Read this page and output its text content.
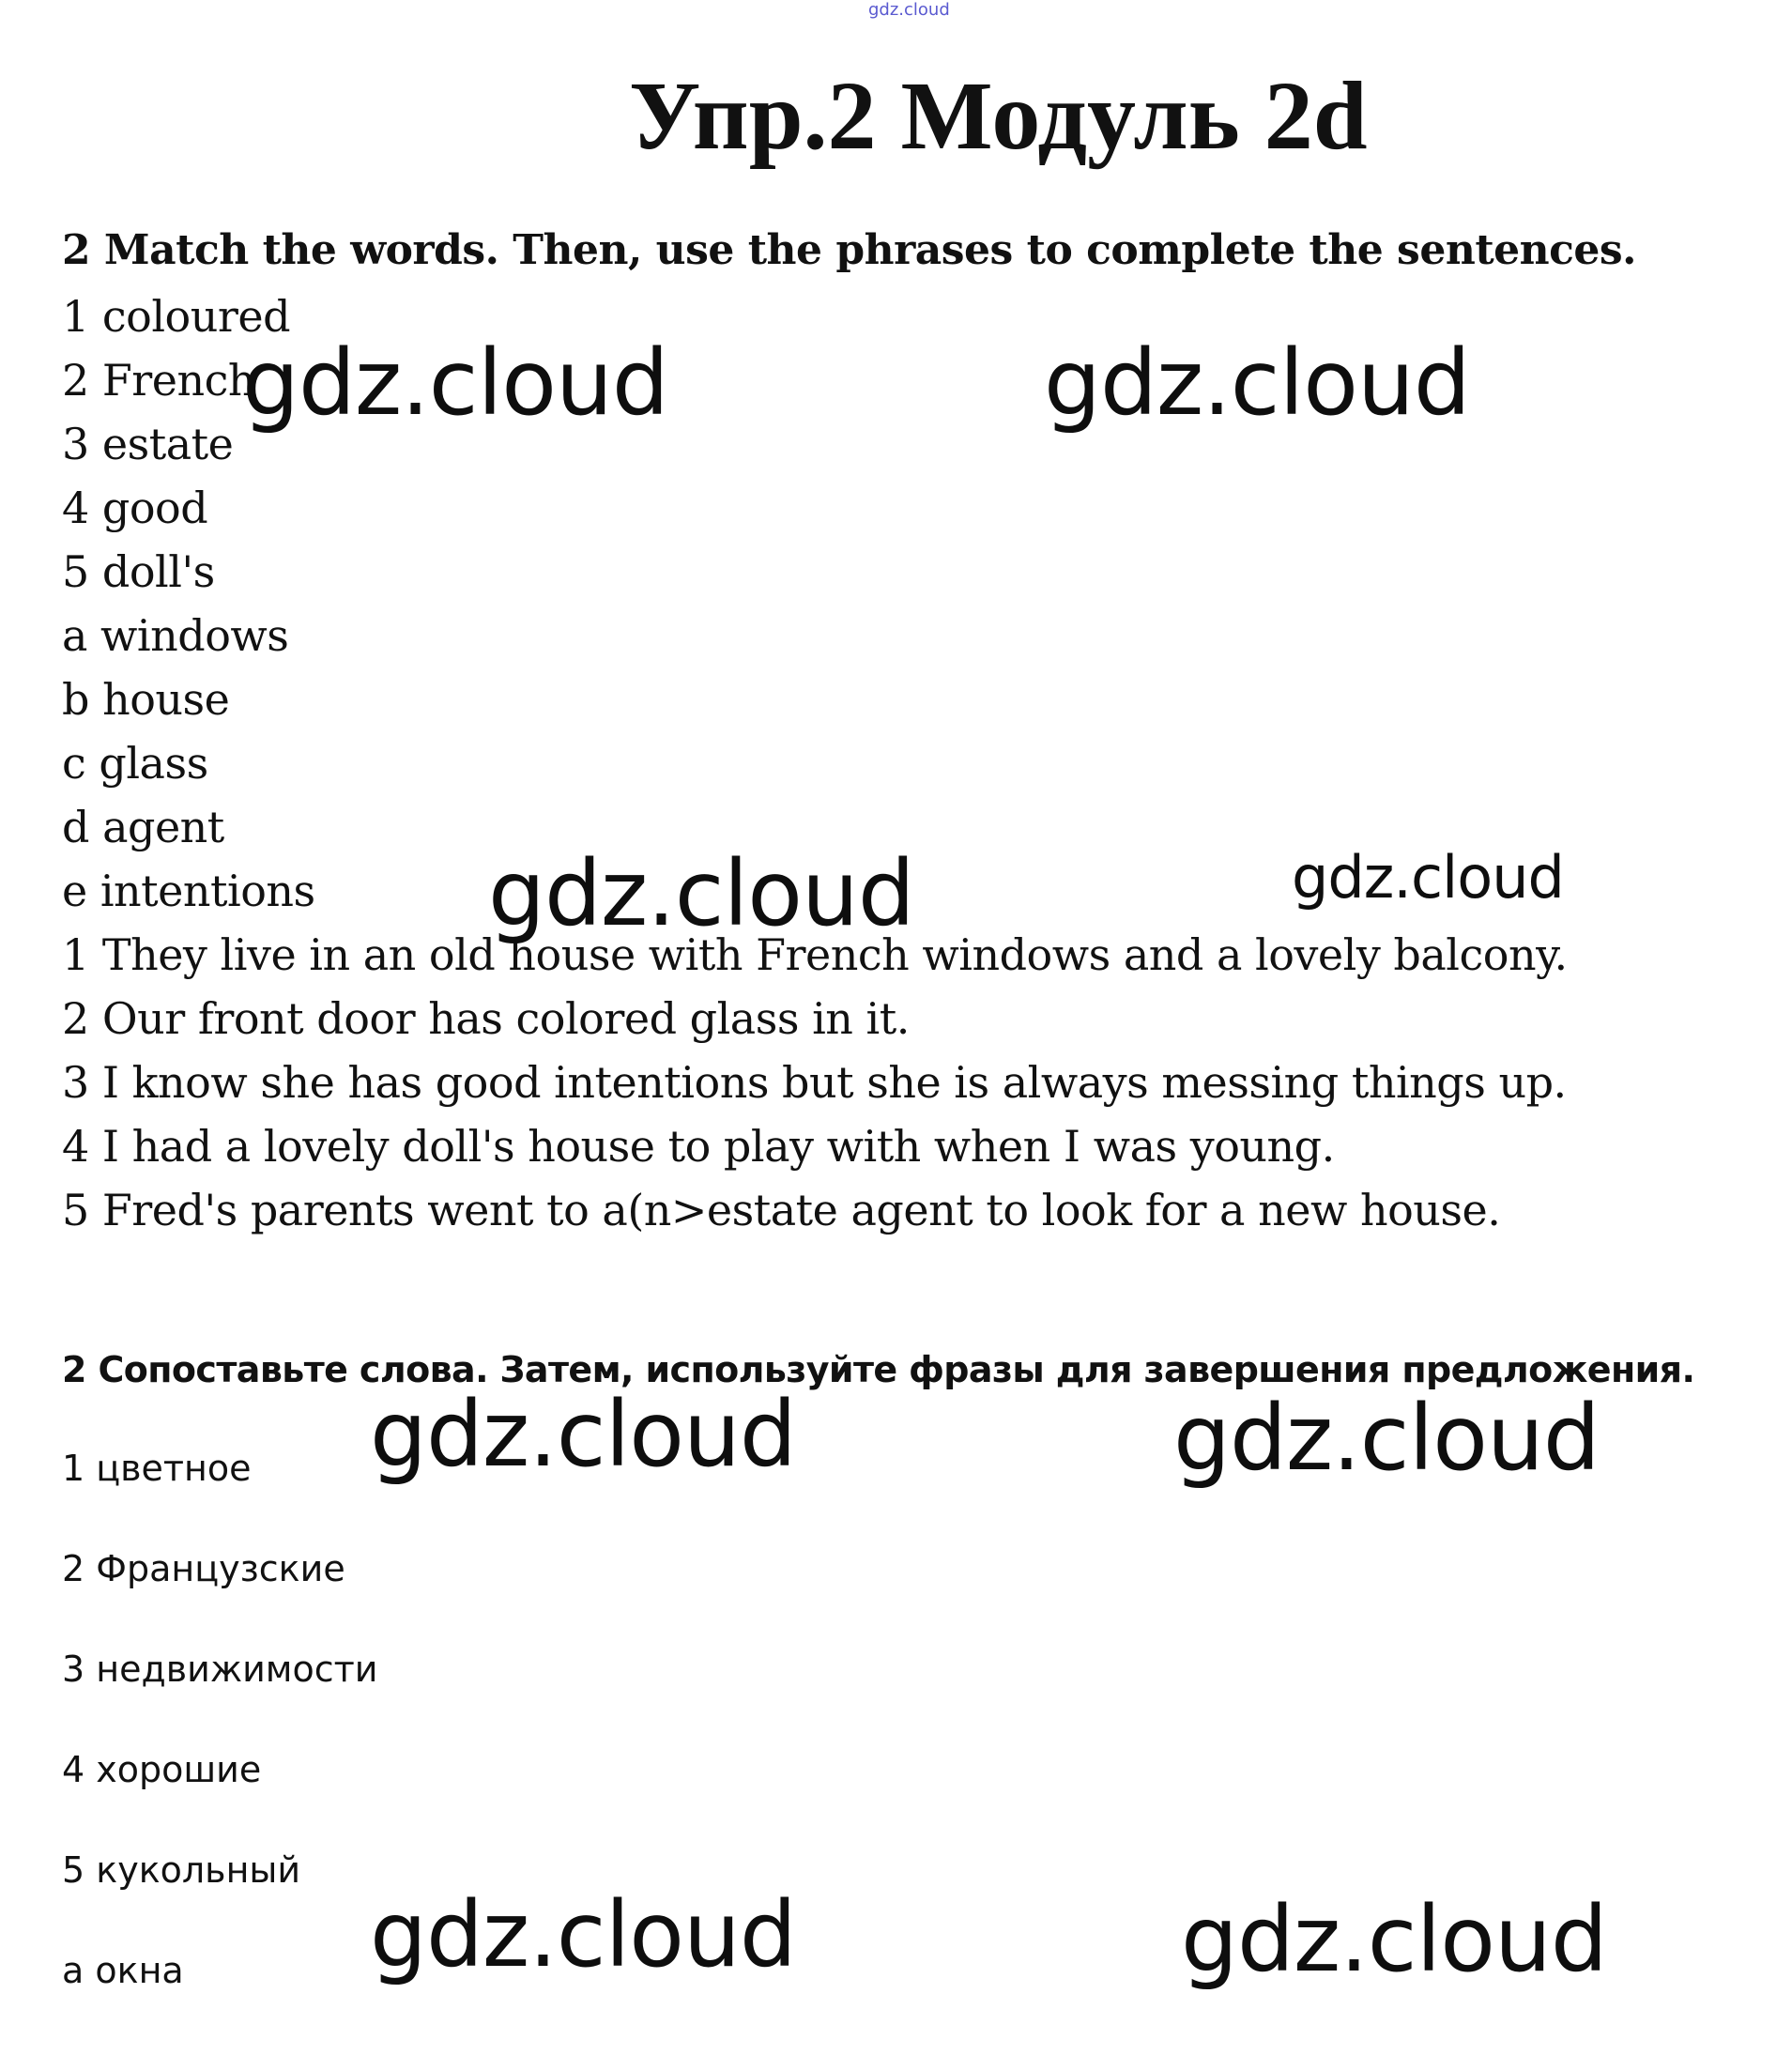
gdz.cloud
Упр.2 Модуль 2d
2 Match the words. Then, use the phrases to complete the sentences.
1 coloured
2 French
3 estate
4 good
5 doll's
a windows
b house
c glass
d agent
e intentions
1 They live in an old house with French windows and a lovely balcony.
2 Our front door has colored glass in it.
3 I know she has good intentions but she is always messing things up.
4 I had a lovely doll's house to play with when I was young.
5 Fred's parents went to a(n>estate agent to look for a new house.
2 Сопоставьте слова. Затем, используйте фразы для завершения предложения.
1 цветное
2 Французские
3 недвижимости
4 хорошие
5 кукольный
а окна
gdz.cloud	gdz.cloud
gdz.cloud	gdz.cloud
gdz.cloud	gdz.cloud
gdz.cloud	gdz.cloud
